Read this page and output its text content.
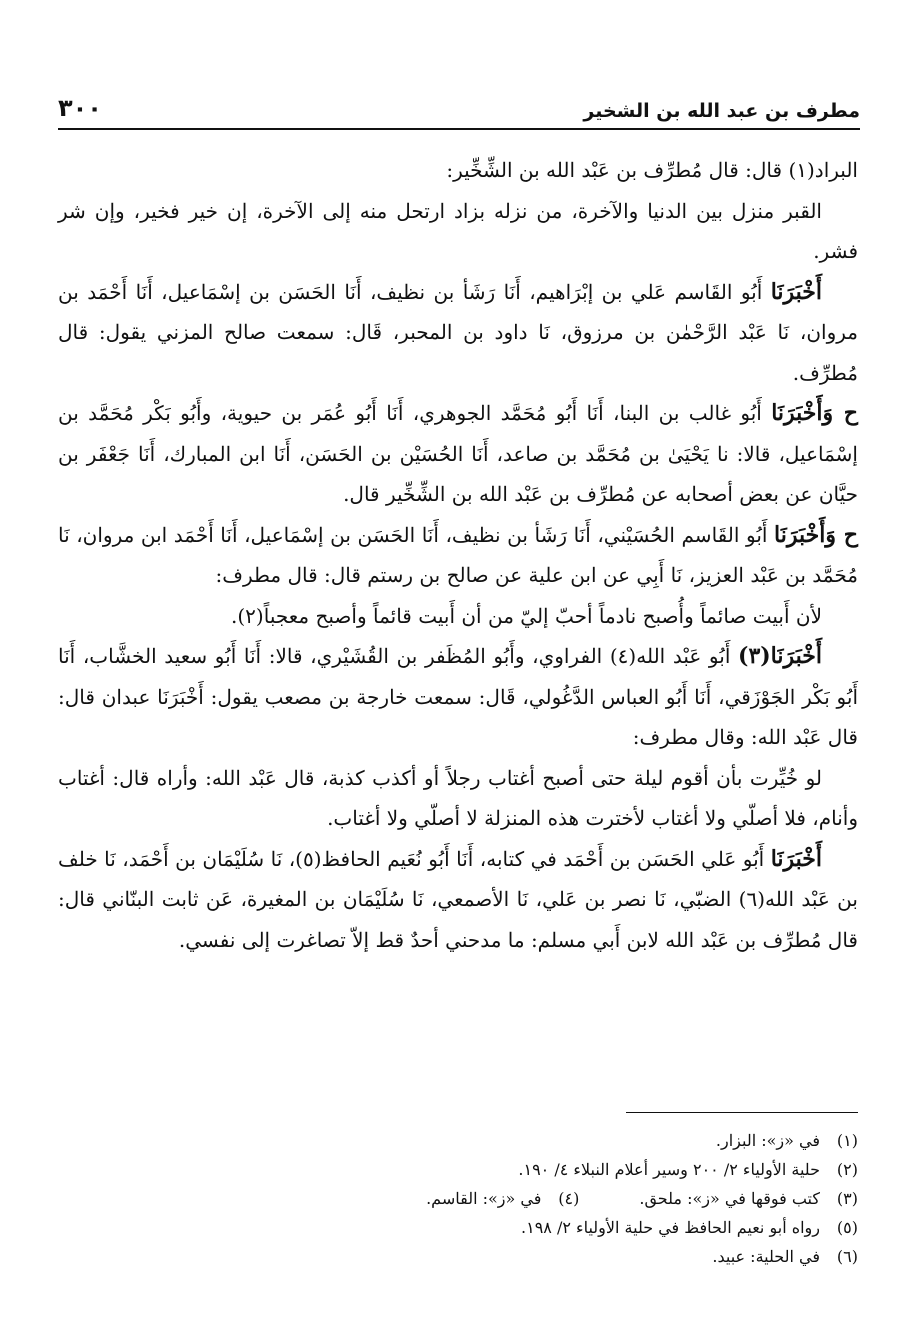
مطرف بن عبد الله بن الشخير
٣٠٠

البراد(١) قال: قال مُطرِّف بن عَبْد الله بن الشِّخِّير:

القبر منزل بين الدنيا والآخرة، من نزله بزاد ارتحل منه إلى الآخرة، إن خير فخير، وإن شر فشر.

أَخْبَرَنَا أَبُو القَاسم عَلي بن إبْرَاهيم، أَنَا رَشَأ بن نظيف، أَنَا الحَسَن بن إسْمَاعيل، أَنَا أَحْمَد بن مروان، نَا عَبْد الرَّحْمٰن بن مرزوق، نَا داود بن المحبر، قَال: سمعت صالح المزني يقول: قال مُطرِّف.

ح وَأَخْبَرَنَا أَبُو غالب بن البنا، أَنَا أَبُو مُحَمَّد الجوهري، أَنَا أَبُو عُمَر بن حيوية، وأَبُو بَكْر مُحَمَّد بن إسْمَاعيل، قالا: نا يَحْيَىٰ بن مُحَمَّد بن صاعد، أَنَا الحُسَيْن بن الحَسَن، أَنَا ابن المبارك، أَنَا جَعْفَر بن حيَّان عن بعض أصحابه عن مُطرِّف بن عَبْد الله بن الشِّخِّير قال.

ح وَأَخْبَرَنَا أَبُو القَاسم الحُسَيْني، أَنَا رَشَأ بن نظيف، أَنَا الحَسَن بن إسْمَاعيل، أَنَا أَحْمَد ابن مروان، نَا مُحَمَّد بن عَبْد العزيز، نَا أَبِي عن ابن علية عن صالح بن رستم قال: قال مطرف:

لأن أَبيت صائماً وأُصبح نادماً أحبّ إليّ من أن أَبيت قائماً وأصبح معجباً(٢).

أَخْبَرَنَا(٣) أَبُو عَبْد الله(٤) الفراوي، وأَبُو المُظَفر بن القُشَيْري، قالا: أَنَا أَبُو سعيد الخشَّاب، أَنَا أَبُو بَكْر الجَوْزَقي، أَنَا أَبُو العباس الدَّغُولي، قَال: سمعت خارجة بن مصعب يقول: أَخْبَرَنَا عبدان قال: قال عَبْد الله: وقال مطرف:

لو خُيِّرت بأن أقوم ليلة حتى أصبح أغتاب رجلاً أو أكذب كذبة، قال عَبْد الله: وأراه قال: أغتاب وأنام، فلا أصلّي ولا أغتاب لأخترت هذه المنزلة لا أصلّي ولا أغتاب.

أَخْبَرَنَا أَبُو عَلي الحَسَن بن أَحْمَد في كتابه، أَنَا أَبُو نُعَيم الحافظ(٥)، نَا سُلَيْمَان بن أَحْمَد، نَا خلف بن عَبْد الله(٦) الضبّي، نَا نصر بن عَلي، نَا الأصمعي، نَا سُلَيْمَان بن المغيرة، عَن ثابت البنّاني قال: قال مُطرِّف بن عَبْد الله لابن أَبي مسلم: ما مدحني أحدٌ قط إلاّ تصاغرت إلى نفسي.

(١)
في «ز»: البزار.
(٢)
حلية الأولياء ٢/ ٢٠٠ وسير أعلام النبلاء ٤/ ١٩٠.
(٣)
كتب فوقها في «ز»: ملحق.
(٤)
في «ز»: القاسم.
(٥)
رواه أبو نعيم الحافظ في حلية الأولياء ٢/ ١٩٨.
(٦)
في الحلية: عبيد.
